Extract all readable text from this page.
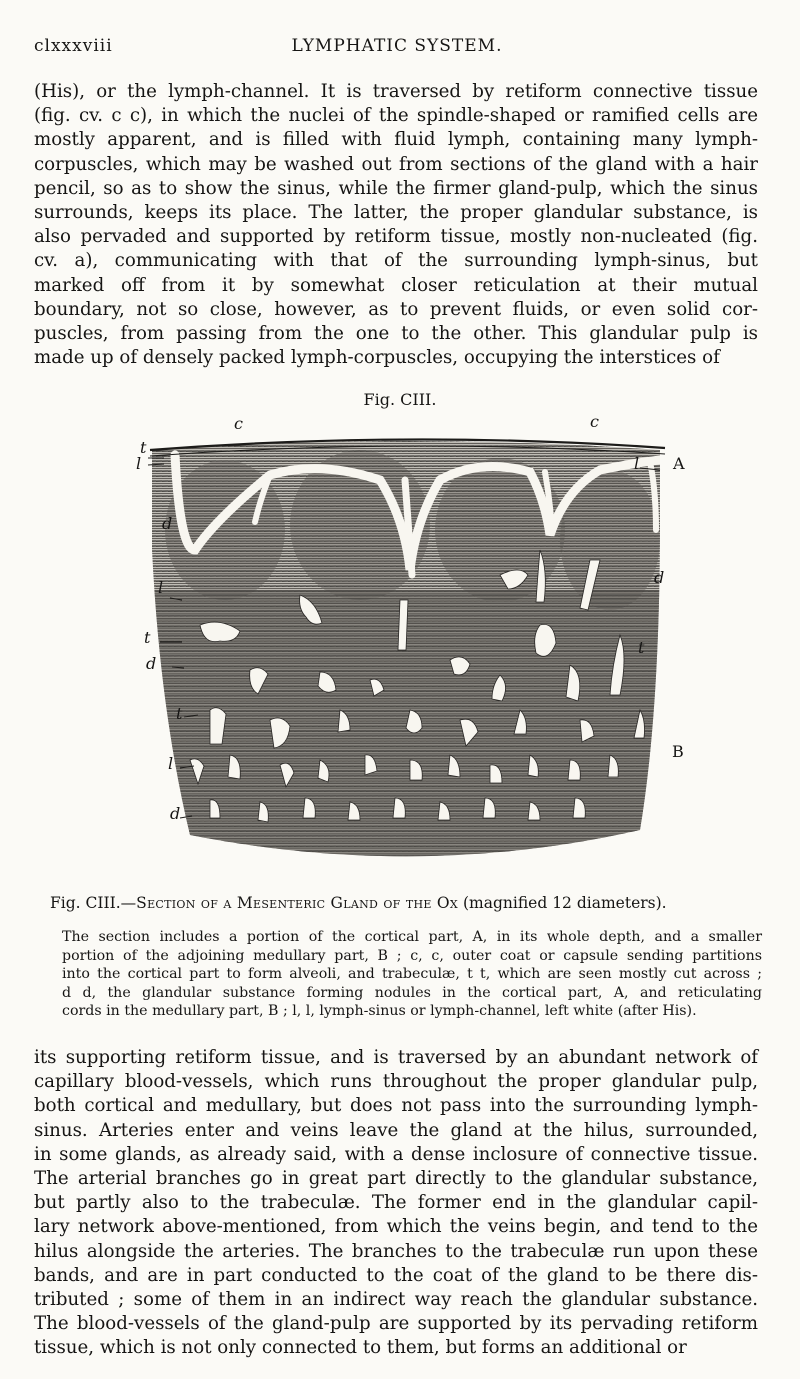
clxxxviii	LYMPHATIC SYSTEM.
(His), or the lymph-channel. It is traversed by retiform connective tissue
(fig. cv. c c), in which the nuclei of the spindle-shaped or ramified cells are
mostly apparent, and is filled with fluid lymph, containing many lymph-
corpuscles, which may be washed out from sections of the gland with a hair
pencil, so as to show the sinus, while the firmer gland-pulp, which the sinus
surrounds, keeps its place. The latter, the proper glandular substance, is
also pervaded and supported by retiform tissue, mostly non-nucleated (fig.
cv. a), communicating with that of the surrounding lymph-sinus, but
marked off from it by somewhat closer reticulation at their mutual
boundary, not so close, however, as to prevent fluids, or even solid cor-
puscles, from passing from the one to the other. This glandular pulp is
made up of densely packed lymph-corpuscles, occupying the interstices of
Fig. CIII.
c	c
t
l	l A
d
d
l
t
t
d
t
B
l
d
Fig. CIII.—Section of a Mesenteric Gland of the Ox (magnified 12 diameters).
The section includes a portion of the cortical part, A, in its whole depth, and a smaller
portion of the adjoining medullary part, B ; c, c, outer coat or capsule sending partitions
into the cortical part to form alveoli, and trabeculæ, t t, which are seen mostly cut across ;
d d, the glandular substance forming nodules in the cortical part, A, and reticulating
cords in the medullary part, B ; l, l, lymph-sinus or lymph-channel, left white (after His).
its supporting retiform tissue, and is traversed by an abundant network of
capillary blood-vessels, which runs throughout the proper glandular pulp,
both cortical and medullary, but does not pass into the surrounding lymph-
sinus. Arteries enter and veins leave the gland at the hilus, surrounded,
in some glands, as already said, with a dense inclosure of connective tissue.
The arterial branches go in great part directly to the glandular substance,
but partly also to the trabeculæ. The former end in the glandular capil-
lary network above-mentioned, from which the veins begin, and tend to the
hilus alongside the arteries. The branches to the trabeculæ run upon these
bands, and are in part conducted to the coat of the gland to be there dis-
tributed ; some of them in an indirect way reach the glandular substance.
The blood-vessels of the gland-pulp are supported by its pervading retiform
tissue, which is not only connected to them, but forms an additional or
